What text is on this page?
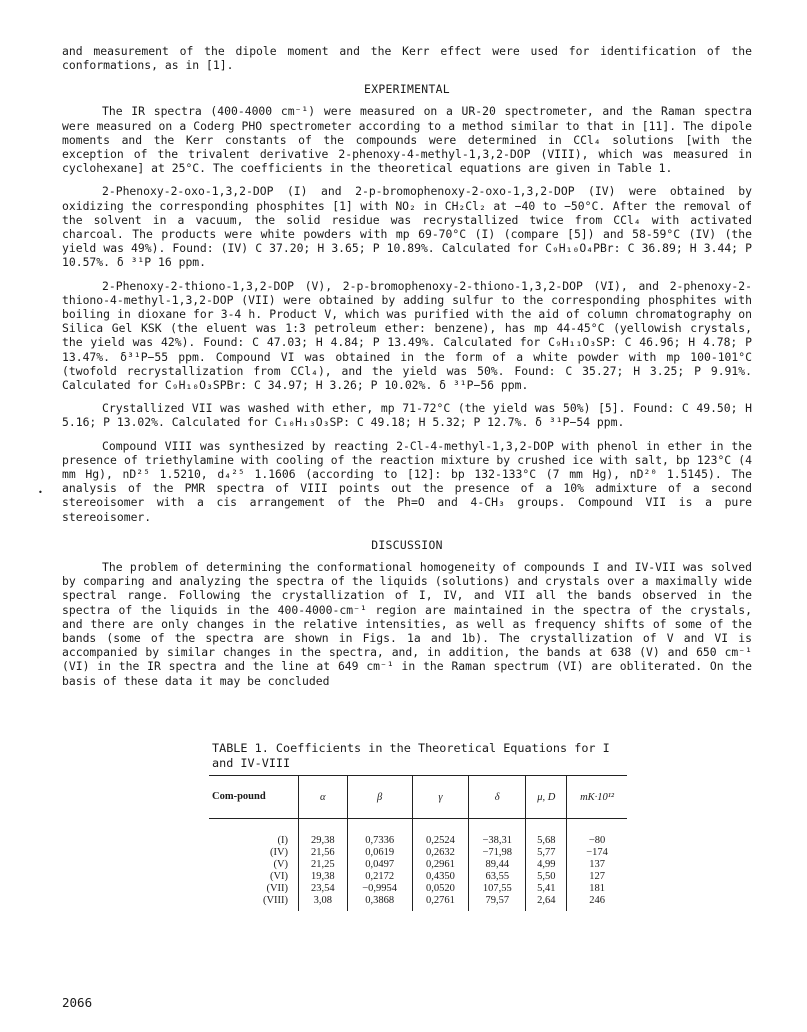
and measurement of the dipole moment and the Kerr effect were used for identification of the conformations, as in [1].

EXPERIMENTAL

The IR spectra (400-4000 cm⁻¹) were measured on a UR-20 spectrometer, and the Raman spectra were measured on a Coderg PHO spectrometer according to a method similar to that in [11]. The dipole moments and the Kerr constants of the compounds were determined in CCl₄ solutions [with the exception of the trivalent derivative 2-phenoxy-4-methyl-1,3,2-DOP (VIII), which was measured in cyclohexane] at 25°C. The coefficients in the theoretical equations are given in Table 1.

2-Phenoxy-2-oxo-1,3,2-DOP (I) and 2-p-bromophenoxy-2-oxo-1,3,2-DOP (IV) were obtained by oxidizing the corresponding phosphites [1] with NO₂ in CH₂Cl₂ at −40 to −50°C. After the removal of the solvent in a vacuum, the solid residue was recrystallized twice from CCl₄ with activated charcoal. The products were white powders with mp 69-70°C (I) (compare [5]) and 58-59°C (IV) (the yield was 49%). Found: (IV) C 37.20; H 3.65; P 10.89%. Calculated for C₉H₁₀O₄PBr: C 36.89; H 3.44; P 10.57%. δ ³¹P 16 ppm.

2-Phenoxy-2-thiono-1,3,2-DOP (V), 2-p-bromophenoxy-2-thiono-1,3,2-DOP (VI), and 2-phenoxy-2-thiono-4-methyl-1,3,2-DOP (VII) were obtained by adding sulfur to the corresponding phosphites with boiling in dioxane for 3-4 h. Product V, which was purified with the aid of column chromatography on Silica Gel KSK (the eluent was 1:3 petroleum ether: benzene), has mp 44-45°C (yellowish crystals, the yield was 42%). Found: C 47.03; H 4.84; P 13.49%. Calculated for C₉H₁₁O₃SP: C 46.96; H 4.78; P 13.47%. δ³¹P−55 ppm. Compound VI was obtained in the form of a white powder with mp 100-101°C (twofold recrystallization from CCl₄), and the yield was 50%. Found: C 35.27; H 3.25; P 9.91%. Calculated for C₉H₁₀O₃SPBr: C 34.97; H 3.26; P 10.02%. δ ³¹P−56 ppm.

Crystallized VII was washed with ether, mp 71-72°C (the yield was 50%) [5]. Found: C 49.50; H 5.16; P 13.02%. Calculated for C₁₀H₁₃O₃SP: C 49.18; H 5.32; P 12.7%. δ ³¹P−54 ppm.

Compound VIII was synthesized by reacting 2-Cl-4-methyl-1,3,2-DOP with phenol in ether in the presence of triethylamine with cooling of the reaction mixture by crushed ice with salt, bp 123°C (4 mm Hg), nD²⁵ 1.5210, d₄²⁵ 1.1606 (according to [12]: bp 132-133°C (7 mm Hg), nD²⁰ 1.5145). The analysis of the PMR spectra of VIII points out the presence of a 10% admixture of a second stereoisomer with a cis arrangement of the Ph=O and 4-CH₃ groups. Compound VII is a pure stereoisomer.

DISCUSSION

The problem of determining the conformational homogeneity of compounds I and IV-VII was solved by comparing and analyzing the spectra of the liquids (solutions) and crystals over a maximally wide spectral range. Following the crystallization of I, IV, and VII all the bands observed in the spectra of the liquids in the 400-4000-cm⁻¹ region are maintained in the spectra of the crystals, and there are only changes in the relative intensities, as well as frequency shifts of some of the bands (some of the spectra are shown in Figs. 1a and 1b). The crystallization of V and VI is accompanied by similar changes in the spectra, and, in addition, the bands at 638 (V) and 650 cm⁻¹ (VI) in the IR spectra and the line at 649 cm⁻¹ in the Raman spectrum (VI) are obliterated. On the basis of these data it may be concluded

•
TABLE 1. Coefficients in the Theoretical Equations for I and IV-VIII
Com-pound	α	β	γ	δ	μ, D	mK·10¹²
(I)	29,38	0,7336	0,2524	−38,31	5,68	−80
(IV)	21,56	0,0619	0,2632	−71,98	5,77	−174
(V)	21,25	0,0497	0,2961	89,44	4,99	137
(VI)	19,38	0,2172	0,4350	63,55	5,50	127
(VII)	23,54	−0,9954	0,0520	107,55	5,41	181
(VIII)	3,08	0,3868	0,2761	79,57	2,64	246
2066
